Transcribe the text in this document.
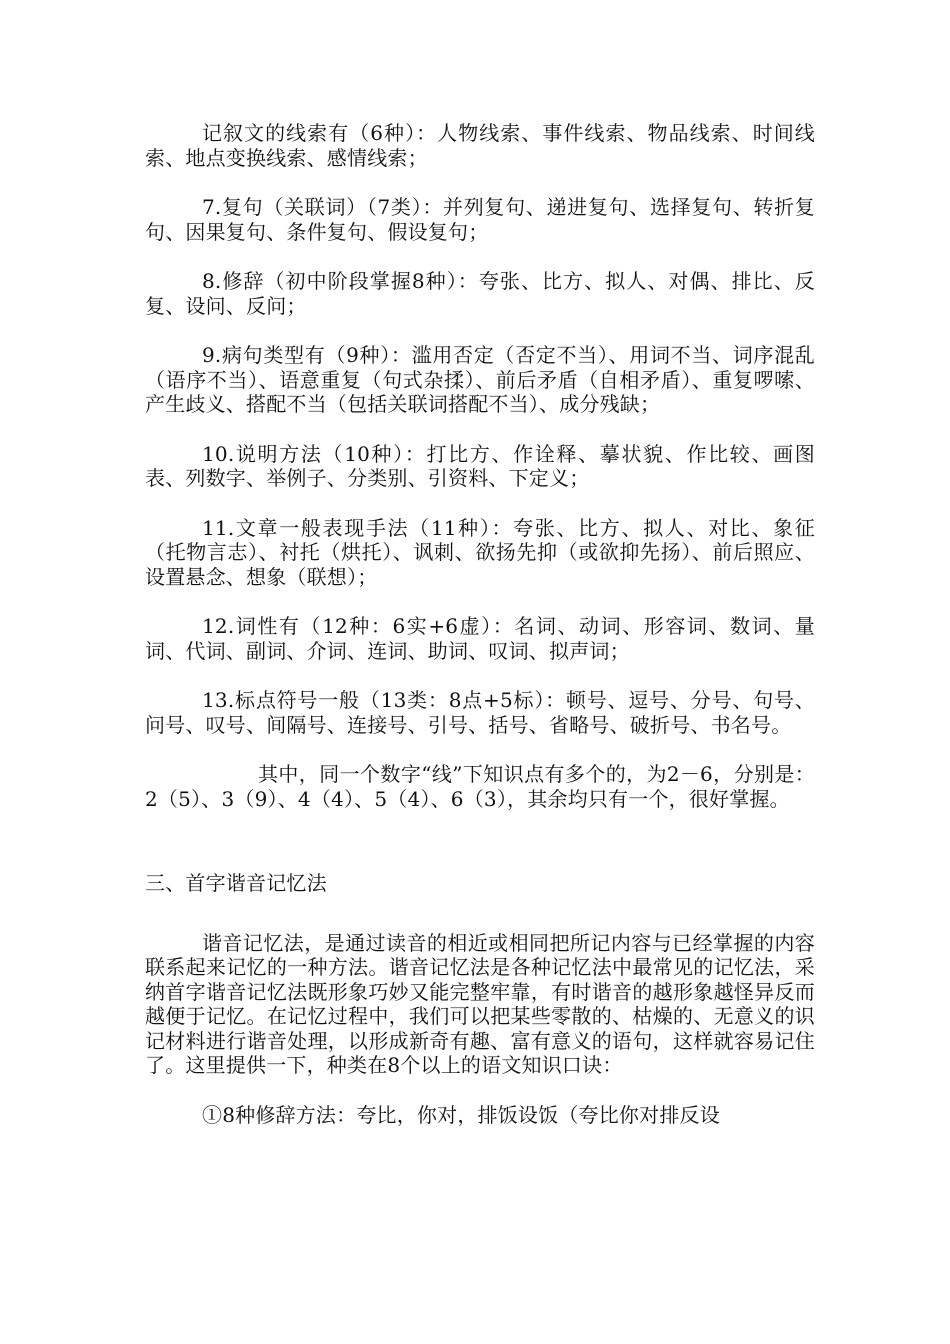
记叙文的线索有（6种）：人物线索、事件线索、物品线索、时间线索、地点变换线索、感情线索；

7.复句（关联词）（7类）：并列复句、递进复句、选择复句、转折复句、因果复句、条件复句、假设复句；

8.修辞（初中阶段掌握8种）：夸张、比方、拟人、对偶、排比、反复、设问、反问；

9.病句类型有（9种）：滥用否定（否定不当）、用词不当、词序混乱（语序不当）、语意重复（句式杂揉）、前后矛盾（自相矛盾）、重复啰嗦、产生歧义、搭配不当（包括关联词搭配不当）、成分残缺；

10.说明方法（10种）：打比方、作诠释、摹状貌、作比较、画图表、列数字、举例子、分类别、引资料、下定义；

11.文章一般表现手法（11种）：夸张、比方、拟人、对比、象征（托物言志）、衬托（烘托）、讽刺、欲扬先抑（或欲抑先扬）、前后照应、设置悬念、想象（联想）；

12.词性有（12种：6实+6虚）：名词、动词、形容词、数词、量词、代词、副词、介词、连词、助词、叹词、拟声词；

13.标点符号一般（13类：8点+5标）：顿号、逗号、分号、句号、问号、叹号、间隔号、连接号、引号、括号、省略号、破折号、书名号。

其中，同一个数字“线”下知识点有多个的，为2－6，分别是：2（5）、3（9）、4（4）、5（4）、6（3），其余均只有一个，很好掌握。

三、首字谐音记忆法

谐音记忆法，是通过读音的相近或相同把所记内容与已经掌握的内容联系起来记忆的一种方法。谐音记忆法是各种记忆法中最常见的记忆法，采纳首字谐音记忆法既形象巧妙又能完整牢靠，有时谐音的越形象越怪异反而越便于记忆。在记忆过程中，我们可以把某些零散的、枯燥的、无意义的识记材料进行谐音处理，以形成新奇有趣、富有意义的语句，这样就容易记住了。这里提供一下，种类在8个以上的语文知识口诀：

①8种修辞方法：夸比，你对，排饭设饭（夸比你对排反设
